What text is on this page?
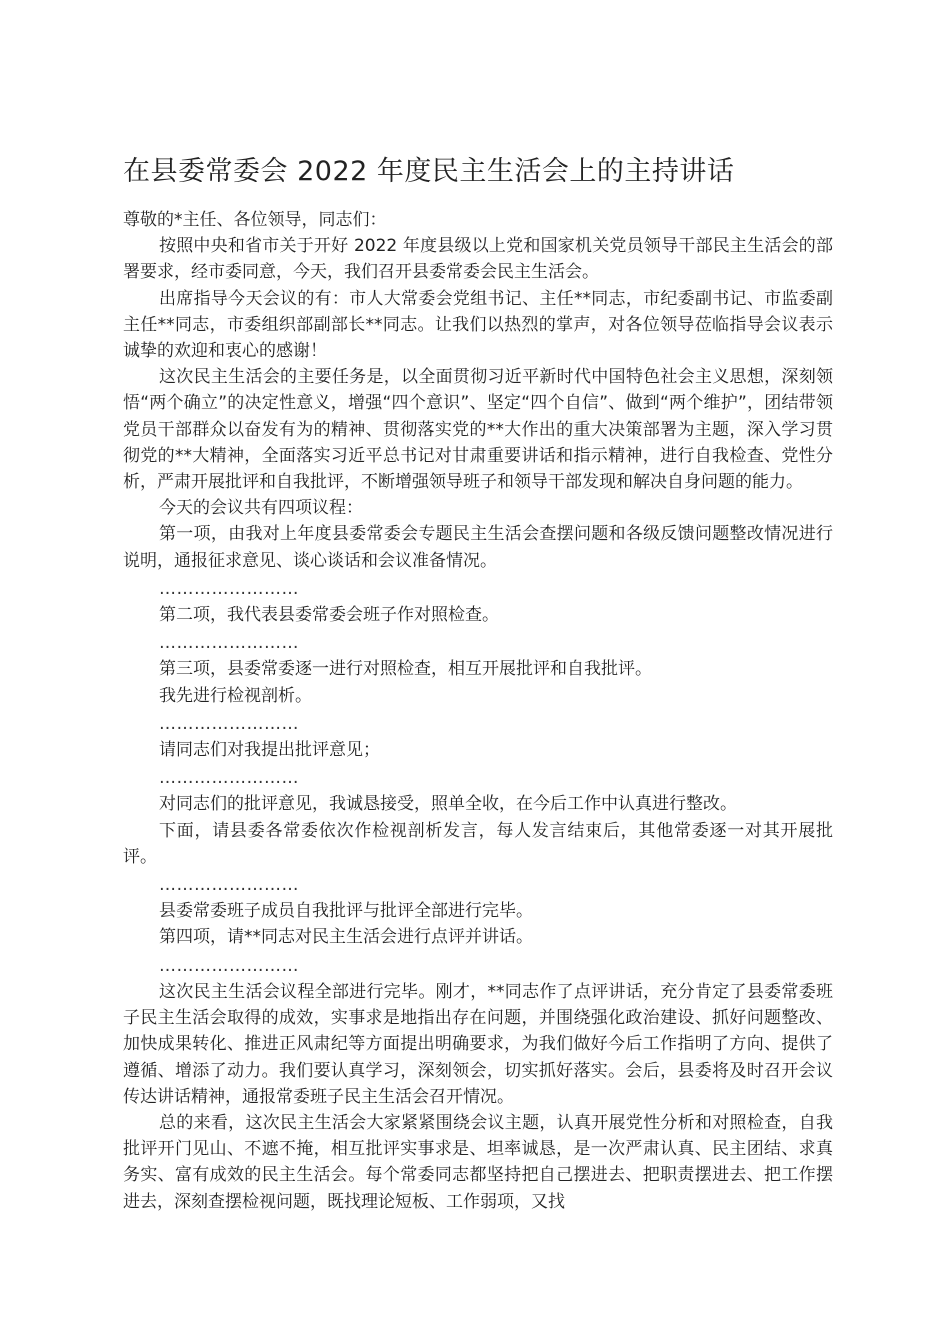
在县委常委会 2022 年度民主生活会上的主持讲话

尊敬的*主任、各位领导，同志们：

按照中央和省市关于开好 2022 年度县级以上党和国家机关党员领导干部民主生活会的部署要求，经市委同意，今天，我们召开县委常委会民主生活会。

出席指导今天会议的有：市人大常委会党组书记、主任**同志，市纪委副书记、市监委副主任**同志，市委组织部副部长**同志。让我们以热烈的掌声，对各位领导莅临指导会议表示诚挚的欢迎和衷心的感谢！

这次民主生活会的主要任务是，以全面贯彻习近平新时代中国特色社会主义思想，深刻领悟“两个确立”的决定性意义，增强“四个意识”、坚定“四个自信”、做到“两个维护”，团结带领党员干部群众以奋发有为的精神、贯彻落实党的**大作出的重大决策部署为主题，深入学习贯彻党的**大精神，全面落实习近平总书记对甘肃重要讲话和指示精神，进行自我检查、党性分析，严肃开展批评和自我批评，不断增强领导班子和领导干部发现和解决自身问题的能力。

今天的会议共有四项议程：

第一项，由我对上年度县委常委会专题民主生活会查摆问题和各级反馈问题整改情况进行说明，通报征求意见、谈心谈话和会议准备情况。

……………………

第二项，我代表县委常委会班子作对照检查。

……………………

第三项，县委常委逐一进行对照检查，相互开展批评和自我批评。

我先进行检视剖析。

……………………

请同志们对我提出批评意见；

……………………

对同志们的批评意见，我诚恳接受，照单全收，在今后工作中认真进行整改。

下面，请县委各常委依次作检视剖析发言，每人发言结束后，其他常委逐一对其开展批评。

……………………

县委常委班子成员自我批评与批评全部进行完毕。

第四项，请**同志对民主生活会进行点评并讲话。

……………………

这次民主生活会议程全部进行完毕。刚才，**同志作了点评讲话，充分肯定了县委常委班子民主生活会取得的成效，实事求是地指出存在问题，并围绕强化政治建设、抓好问题整改、加快成果转化、推进正风肃纪等方面提出明确要求，为我们做好今后工作指明了方向、提供了遵循、增添了动力。我们要认真学习，深刻领会，切实抓好落实。会后，县委将及时召开会议传达讲话精神，通报常委班子民主生活会召开情况。

总的来看，这次民主生活会大家紧紧围绕会议主题，认真开展党性分析和对照检查，自我批评开门见山、不遮不掩，相互批评实事求是、坦率诚恳，是一次严肃认真、民主团结、求真务实、富有成效的民主生活会。每个常委同志都坚持把自己摆进去、把职责摆进去、把工作摆进去，深刻查摆检视问题，既找理论短板、工作弱项，又找
